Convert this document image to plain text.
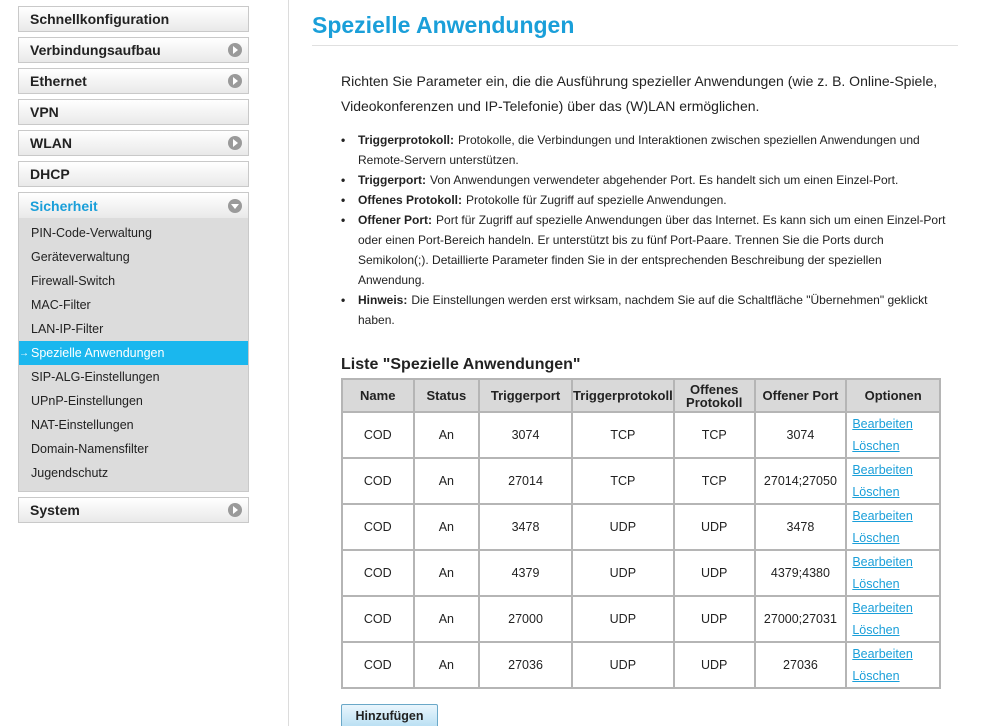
Schnellkonfiguration
Verbindungsaufbau
Ethernet
VPN
WLAN
DHCP
Sicherheit
PIN-Code-Verwaltung
Geräteverwaltung
Firewall-Switch
MAC-Filter
LAN-IP-Filter
→ Spezielle Anwendungen
SIP-ALG-Einstellungen
UPnP-Einstellungen
NAT-Einstellungen
Domain-Namensfilter
Jugendschutz
System
Spezielle Anwendungen

Richten Sie Parameter ein, die die Ausführung spezieller Anwendungen (wie z. B. Online-Spiele, Videokonferenzen und IP-Telefonie) über das (W)LAN ermöglichen.

• Triggerprotokoll: Protokolle, die Verbindungen und Interaktionen zwischen speziellen Anwendungen und Remote-Servern unterstützen.
• Triggerport: Von Anwendungen verwendeter abgehender Port. Es handelt sich um einen Einzel-Port.
• Offenes Protokoll: Protokolle für Zugriff auf spezielle Anwendungen.
• Offener Port: Port für Zugriff auf spezielle Anwendungen über das Internet. Es kann sich um einen Einzel-Port oder einen Port-Bereich handeln. Er unterstützt bis zu fünf Port-Paare. Trennen Sie die Ports durch Semikolon(;). Detaillierte Parameter finden Sie in der entsprechenden Beschreibung der speziellen Anwendung.
• Hinweis: Die Einstellungen werden erst wirksam, nachdem Sie auf die Schaltfläche "Übernehmen" geklickt haben.
Liste "Spezielle Anwendungen"
Name	Status	Triggerport	Triggerprotokoll	Offenes Protokoll	Offener Port	Optionen
COD	An	3074	TCP	TCP	3074	Bearbeiten
Löschen

COD	An	27014	TCP	TCP	27014;27050	Bearbeiten
Löschen

COD	An	3478	UDP	UDP	3478	Bearbeiten
Löschen

COD	An	4379	UDP	UDP	4379;4380	Bearbeiten
Löschen

COD	An	27000	UDP	UDP	27000;27031	Bearbeiten
Löschen

COD	An	27036	UDP	UDP	27036	Bearbeiten
Löschen
Hinzufügen
